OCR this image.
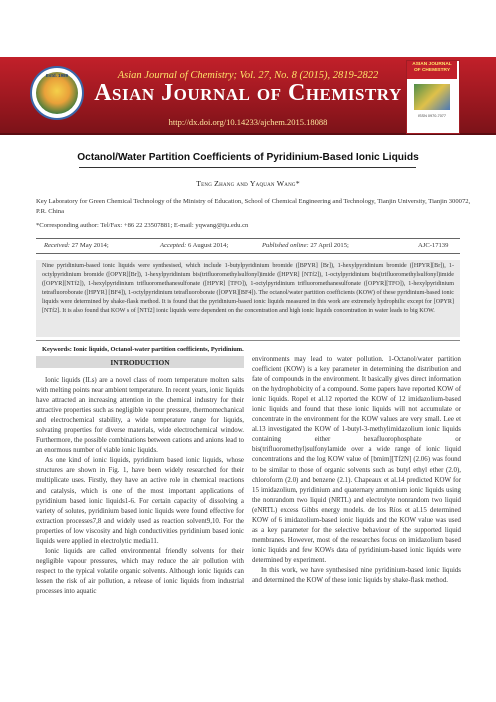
Asian Journal of Chemistry; Vol. 27, No. 8 (2015), 2819-2822
Asian Journal of Chemistry
http://dx.doi.org/10.14233/ajchem.2015.18088
Estd. 1989
ASIAN JOURNAL
OF CHEMISTRY
ISSN 0970-7077
Octanol/Water Partition Coefficients of Pyridinium-Based Ionic Liquids
Teng Zhang and Yaquan Wang*
Key Laboratory for Green Chemical Technology of the Ministry of Education, School of Chemical Engineering and Technology, Tianjin University, Tianjin 300072, P.R. China
*Corresponding author: Tel/Fax: +86 22 23507881; E-mail: yqwang@tju.edu.cn
Received: 27 May 2014;	Accepted: 6 August 2014;	Published online: 27 April 2015;	AJC-17139
Nine pyridinium-based ionic liquids were synthesised, which include 1-butylpyridinium bromide ([BPYR] [Br]), 1-hexylpyridinium bromide ([HPYR][Br]), 1-octylpyridinium bromide ([OPYR][Br]), 1-hexylpyridinium bis(trifluoromethylsulfonyl)imide ([HPYR] [NTf2]), 1-octylpyridinium bis(trifluoromethylsulfonyl)imide ([OPYR][NTf2]), 1-hexylpyridinium trifluoromethanesulfonate ([HPYR] [TFO]), 1-octylpyridinium trifluoromethanesulfonate ([OPYR][TFO]), 1-hexylpyridinium tetrafluoroborate ([HPYR] [BF4]), 1-octylpyridinium tetrafluoroborate ([OPYR][BF4]). The octanol/water partition coefficients (KOW) of these pyridinium-based ionic liquids were determined by shake-flask method. It is found that the pyridinium-based ionic liquids measured in this work are extremely hydrophilic except for [OPYR] [NTf2]. It is also found that KOW s of [NTf2] ionic liquids were dependent on the concentration and high ionic liquids concentration in water leads to big KOW.
Keywords: Ionic liquids, Octanol-water partition coefficients, Pyridinium.
INTRODUCTION

Ionic liquids (ILs) are a novel class of room temperature molten salts with melting points near ambient temperature. In recent years, ionic liquids have attracted an increasing attention in the chemical industry for their attractive properties such as negligible vapour pressure, thermomechanical and electrochemical stability, a wide temperature range for liquids, solvating properties for diverse materials, wide electrochemical window. Furthermore, the possible combinations between cations and anions lead to an enormous number of viable ionic liquids.

As one kind of ionic liquids, pyridinium based ionic liquids, whose structures are shown in Fig. 1, have been widely researched for their multiplicate uses. Firstly, they have an active role in chemical reactions and catalysis, which is one of the most important applications of pyridinium based ionic liquids1-6. For certain capacity of dissolving a variety of solutes, pyridinium based ionic liquids were found effective for extraction processes7,8 and widely used as reaction solvent9,10. For the properties of low viscosity and high conductivities pyridinium based ionic liquids were applied in electrolytic media11.

Ionic liquids are called environmental friendly solvents for their negligible vapour pressures, which may reduce the air pollution with respect to the typical volatile organic solvents. Although ionic liquids can lessen the risk of air pollution, a release of ionic liquids from industrial processes into aquatic

environments may lead to water pollution. 1-Octanol/water partition coefficient (KOW) is a key parameter in determining the distribution and fate of compounds in the environment. It basically gives direct information on the hydrophobicity of a compound. Some papers have reported KOW of ionic liquids. Ropel et al.12 reported the KOW of 12 imidazolium-based ionic liquids and found that these ionic liquids will not accumulate or concentrate in the environment for the KOW values are very small. Lee et al.13 investigated the KOW of 1-butyl-3-methylimidazolium ionic liquids containing either hexafluorophosphate or bis(trifluoromethyl)sulfonylamide over a wide range of ionic liquid concentrations and the log KOW value of [bmim][Tf2N] (2.06) was found to be similar to those of organic solvents such as butyl ethyl ether (2.0), chloroform (2.0) and benzene (2.1). Chapeaux et al.14 predicted KOW for 15 imidazolium, pyridinium and quaternary ammonium ionic liquids using the nonrandom two liquid (NRTL) and electrolyte nonrandom two liquid (eNRTL) excess Gibbs energy models. de los Ríos et al.15 determined KOW of 6 imidazolium-based ionic liquids and the KOW value was used as a key parameter for the selective behaviour of the supported liquid membranes. However, most of the researches focus on imidazolium based ionic liquids and few KOWs data of pyridinium-based ionic liquids were determined by experiment.

In this work, we have synthesised nine pyridinium-based ionic liquids and determined the KOW of these ionic liquids by shake-flask method.
